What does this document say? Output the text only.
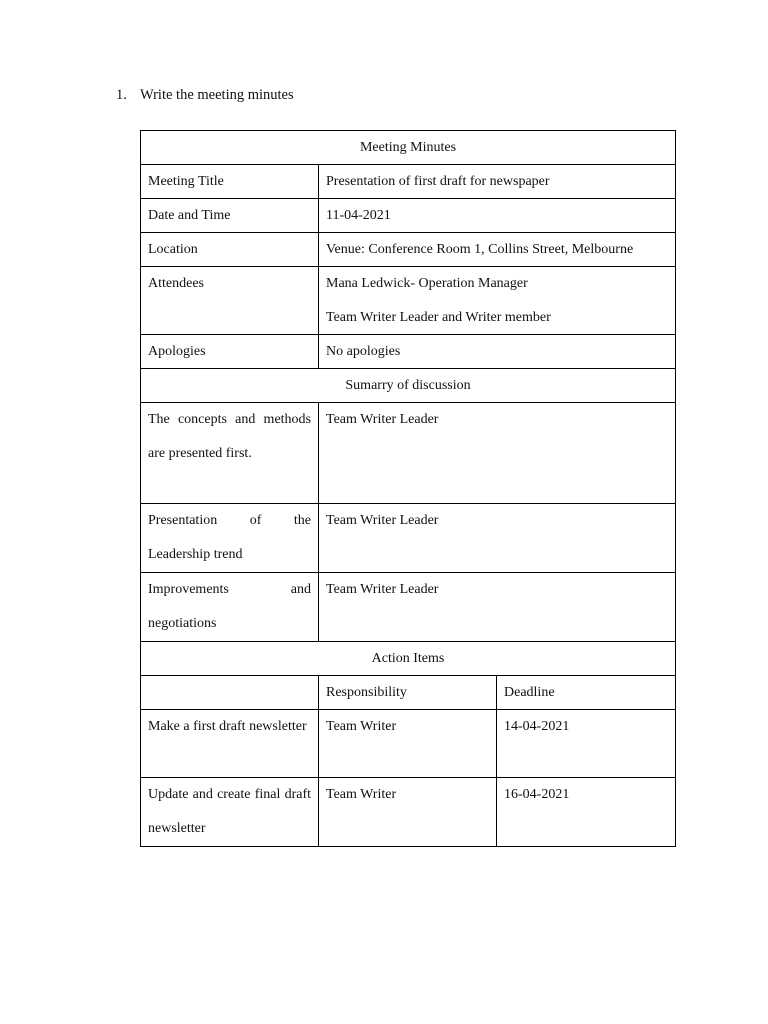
1. Write the meeting minutes
Meeting Minutes		
Meeting Title	Presentation of first draft for newspaper	
Date and Time	11-04-2021	
Location	Venue: Conference Room 1, Collins Street, Melbourne	
Attendees	Mana Ledwick- Operation Manager
Team Writer Leader and Writer member	

Apologies	No apologies	
Sumarry of discussion		
The concepts and methods are presented first.	Team Writer Leader	
Presentation of the Leadership trend	Team Writer Leader	
Improvements and negotiations	Team Writer Leader	
Action Items		
	Responsibility	Deadline
Make a first draft newsletter	Team Writer	14-04-2021
Update and create final draft newsletter	Team Writer	16-04-2021
